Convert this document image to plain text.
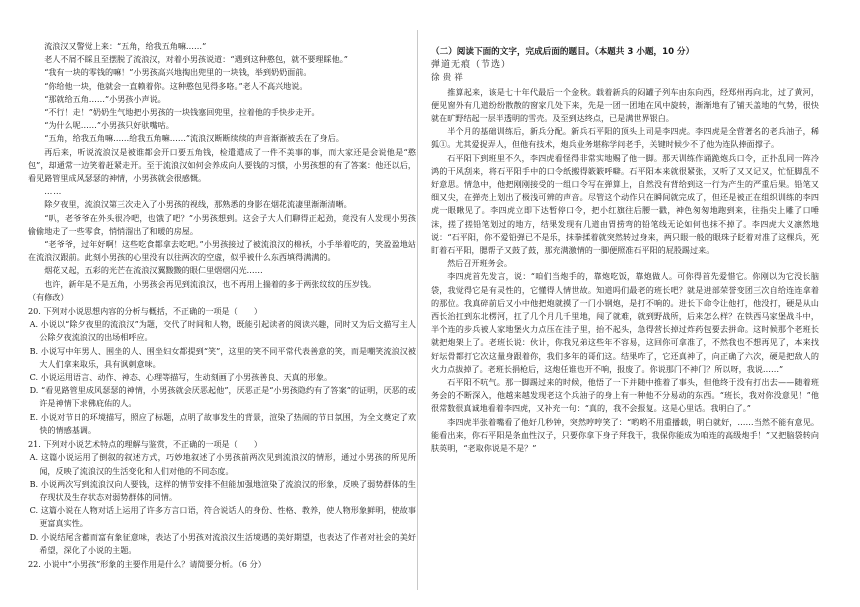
流浪汉又警觉上来：“五角，给我五角嘛……”

老人不屑不睬且至摆脱了流浪汉，对着小男孩说道：“遇到这种憨包，就不要理睬他。”

“我有一块的零钱的嘛！”小男孩高兴地掏出兜里的一块钱，举到奶奶面前。

“你给他一块，他就会一直赖着你。这种憨包见得多咯。”老人不高兴地说。

“那就给五角……”小男孩小声说。

“不行！走！”奶奶生气地把小男孩的一块钱塞回兜里，拉着他的手快步走开。

“为什么呢……”小男孩只好驮嘴咕。

“五角，给我五角嘛……给我五角嘛……”流浪汉断断续续的声音渐渐被丢在了身后。

再后来，听说流浪汉是被谁都会开口要五角钱，检遣遣成了一件不美事的事，而大家还是会说他是“憨包”，却通常一边笑着赶紧走开。至于流浪汉如何会养成向人要钱的习惯，小男孩想的有了答案：他还以后，看见路管里成风瑟瑟的神情，小男孩就会很感慨。

……

除夕夜里，流浪汉第三次走入了小男孩的视线，那熟悉的身影在烟花流凄里渐渐清晰。

“叭，老爷爷在外头很冷吧，也饿了吧？”小男孩想到。这会子大人们聊得正起劲，竟没有人发现小男孩偷偷地走了一些零食，悄悄溜出了和暖的房屋。

“老爷爷，过年好啊！这些吃食都拿去吃吧。”小男孩接过了被流浪汉的棉袄，小手举着吃的，笑盈盈地站在流浪汉跟前。此刻小男孩的心里没有以往两次的空虚，似乎被什么东西填得满满的。

烟花又起，五彩的光芒在流浪汉翼黢黢的眼仁里熠熠闪光……

也许，新年是不是五角，小男孩会再见到流浪汉，也不再用上揣着的多于两张纹纹的压岁钱。

（有修改）

20. 下列对小说思想内容的分析与概括，不正确的一项是（　　）

A. 小说以“除夕夜里的流浪汉”为题，交代了时间和人物，既能引起读者的阅读兴趣，同时又为后文描写主人公除夕夜流浪汉的出场相呼应。

B. 小说写中年男人、围坐的人、围坐妇女都提到“笑”，这里的笑不同平常代表善意的笑，而是嘲笑流浪汉被大人们拿来取乐，具有讽刺意味。

C. 小说运用语言、动作、神态、心理等描写，生动刻画了小男孩善良、天真的形象。

D. “看见路管里成风瑟瑟的神情，小男孩就会厌恶起他”，厌恶正是“小男孩隐约有了答案”的证明，厌恶的或许是神情下求佛庇佑的人。

E. 小说对节日的环境描写，照应了标题，点明了故事发生的背景，渲染了热闹的节日氛围，为全文奠定了欢快的情感基调。

21. 下列对小说艺术特点的理解与鉴赏，不正确的一项是（　　）

A. 这篇小说运用了倒叙的叙述方式，巧妙地叙述了小男孩前两次见到流浪汉的情形，通过小男孩的所见所闻，反映了流浪汉的生活变化和人们对他的不同态度。

B. 小说两次写到流浪汉向人要钱，这样的情节安排不但能加强地渲染了流浪汉的形象，反映了弱势群体的生存现状及生存状态对弱势群体的同情。

C. 这篇小说在人物对话上运用了许多方言口语，符合说话人的身份、性格、教养，使人物形象鲜明，使故事更富真实性。

D. 小说结尾含蓄而富有象征意味，表达了小男孩对流浪汉生活境遇的美好期望，也表达了作者对社会的美好希望，深化了小说的主题。

22. 小说中“小男孩”形象的主要作用是什么？请简要分析。（6 分）

（二）阅读下面的文字，完成后面的题目。（本题共 3 小题，10 分）

弹道无痕（节选）

徐贵祥

推算起来，该是七十年代最后一个金秋。载着新兵的闷罐子列车由东向西，经郑州再向北，过了黄河，便见窗外有几道纷纷散散的窗家几处下来，先是一团一团地在风中旋转，渐渐地有了铺天盖地的气势，很快就在旷野结起一层半透明的雪壳。及至到达终点，已是满世界银白。

半个月的基础训练后，新兵分配。新兵石平阳的顶头上司是李四虎。李四虎是全营著名的老兵油子，稀狐①。尤其爱捉弄人，但他有技术，炮兵业务堪称学问老手，关键时候少不了他为连队捧面撑子。

石平阳下到班里不久，李四虎看怪得非常实地赐了他一脚。那天训练作诵跪炮兵口令，正扑乱同一阵冷鸿的干风刮来，将石平阳手中的口令纸搬得簌簌呼噼。石平阳本来就很紧张，又听了又又记又，忙怔脚乱不好意思。情急中，他把刚刚接受的一组口令写在弹算上，自然没有背给到这一行为产生的严重后果。铅笔又细又尖，在弹壳上划出了极浅可辨的声音。尽管这个动作只在瞬间就完成了，但还是被正在组织训练的李四虎一眼瞅见了。李四虎立即下达暂停口令，把小红旗往后腰一戳，神色匆匆地跑到来，往指尖上雕了口唾沫，搓了搓铅笔划过的地方，结果发现有几道由胃捞弯的铅笔线无论如何也抹不掉了。李四虎大义凛然地说：“石平阳，你不爱铅弹已不是乐，抹拳揉着就突然转过身来，两只眼一般的眼珠子眨着对准了这棵兵，死盯着石平阳，腮帮子又鼓了鼓，那充满激情的一脚便照准石平阳的屁股踢过来。

然后召开班务会。

李四虎首先发言，说：“咱们当炮手的，靠炮吃饭，靠炮做人。可你得首先爱惜它。你刚以为它没长脑袋，我觉得它是有灵性的，它懂得人情世故。知道吗们最老的班长吧？就是进部荣誉变团三次自给连连拿着的那位。我真碎前后又小中他把炮就摸了一门小钢炮，是打不响的。进长下命令让他打，他没打，硬是从山西长治扛到东北楞河，扛了几个月几千里地，闯了就难，就到野战所，后来怎么样？在铁西马家堡战斗中，半个连的步兵被人家地堡火力点压在洼子里，抬不起头，急得营长掉过炸药包要去拼命。这时候那个老班长就把炮架上了。老班长说：伙计，你我兄弟这些年不容易，这回你可拿准了，不然我也不想再见了，本来找好坛骨都打它次这量身跟着你，我们多年的哥们这。结果咋了，它还真神了，向正确了六次，硬是把敌人的火力点拔掉了。老班长捐枪后，这炮任谁也开不响，报废了。你说那门不神门？所以呀，我说……”

石平阳不吭气。那一脚踢过来的时候，他悟了一下并随中推着了事头，但他终于没有打出去——随着班务会的不断深入，他越来越发现老这个兵油子的身上有一种他不分易动的东西。“班长，我对你没意见！”他很常数很真诚地看着李四虎，又补充一句：“真的，我不会报复。这是心里话。我明白了。”

李四虎半张着嘴看了他好几秒钟，突然哼哼笑了：“哟哟不用重播载，明白就好，……当然不能有意见。能看出来，你石平阳是条血性汉子，只要你拿下身子拜我干，我保你能成为咱连的高级炮手！”又把脑袋转向肤英明，“老取你说是不是？”
